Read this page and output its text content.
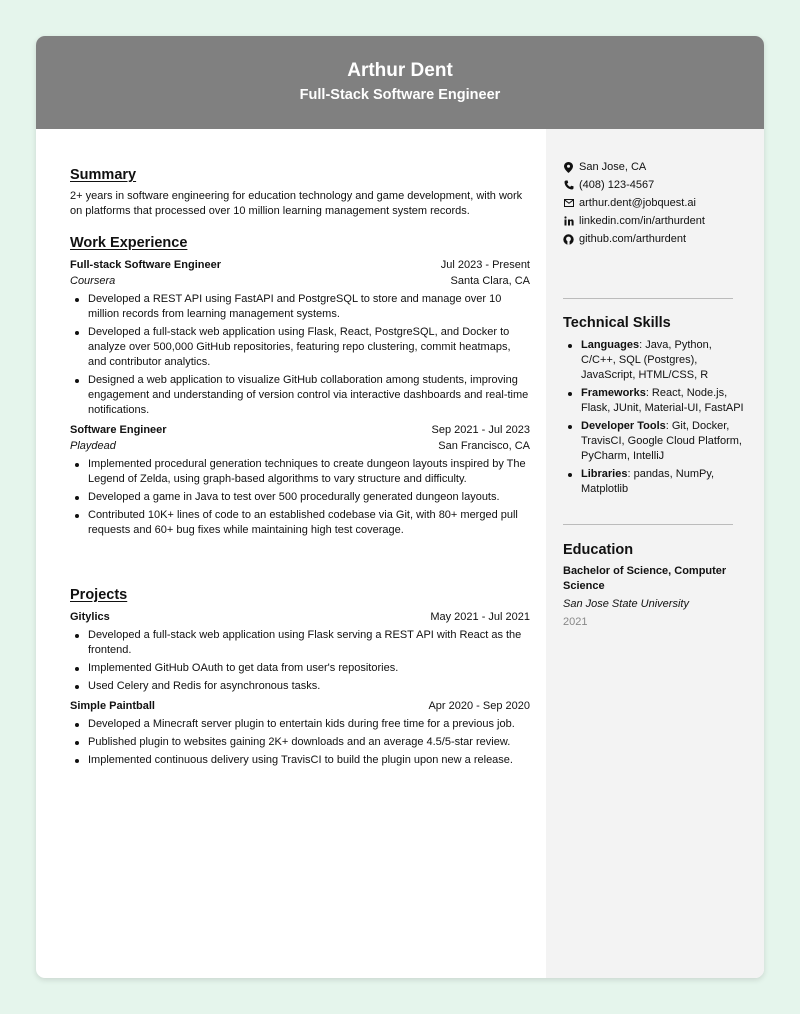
Arthur Dent
Full-Stack Software Engineer
Summary
2+ years in software engineering for education technology and game development, with work on platforms that processed over 10 million learning management system records.
Work Experience
Full-stack Software Engineer	Jul 2023 - Present
Coursera	Santa Clara, CA
Developed a REST API using FastAPI and PostgreSQL to store and manage over 10 million records from learning management systems.
Developed a full-stack web application using Flask, React, PostgreSQL, and Docker to analyze over 500,000 GitHub repositories, featuring repo clustering, commit heatmaps, and contributor analytics.
Designed a web application to visualize GitHub collaboration among students, improving engagement and understanding of version control via interactive dashboards and real-time notifications.
Software Engineer	Sep 2021 - Jul 2023
Playdead	San Francisco, CA
Implemented procedural generation techniques to create dungeon layouts inspired by The Legend of Zelda, using graph-based algorithms to vary structure and difficulty.
Developed a game in Java to test over 500 procedurally generated dungeon layouts.
Contributed 10K+ lines of code to an established codebase via Git, with 80+ merged pull requests and 60+ bug fixes while maintaining high test coverage.
Projects
Gitylics	May 2021 - Jul 2021
Developed a full-stack web application using Flask serving a REST API with React as the frontend.
Implemented GitHub OAuth to get data from user's repositories.
Used Celery and Redis for asynchronous tasks.
Simple Paintball	Apr 2020 - Sep 2020
Developed a Minecraft server plugin to entertain kids during free time for a previous job.
Published plugin to websites gaining 2K+ downloads and an average 4.5/5-star review.
Implemented continuous delivery using TravisCI to build the plugin upon new a release.
San Jose, CA
(408) 123-4567
arthur.dent@jobquest.ai
linkedin.com/in/arthurdent
github.com/arthurdent
Technical Skills
Languages: Java, Python, C/C++, SQL (Postgres), JavaScript, HTML/CSS, R
Frameworks: React, Node.js, Flask, JUnit, Material-UI, FastAPI
Developer Tools: Git, Docker, TravisCI, Google Cloud Platform, PyCharm, IntelliJ
Libraries: pandas, NumPy, Matplotlib
Education
Bachelor of Science, Computer Science
San Jose State University
2021
